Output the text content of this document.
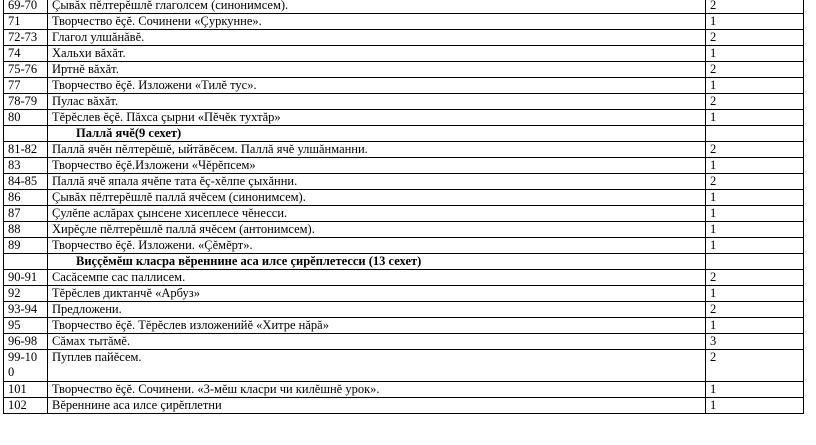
69-70	Çывăх пĕлтерĕшлĕ глаголсем (синонимсем).	2
71	Творчество ĕçĕ. Сочинени «Çуркунне».	1
72-73	Глагол улшăнăвĕ.	2
74	Хальхи вăхăт.	1
75-76	Иртнĕ вăхăт.	2
77	Творчество ĕçĕ. Изложени «Тилĕ тус».	1
78-79	Пулас вăхăт.	2
80	Тĕрĕслев ĕçĕ. Пăхса çырни «Пĕчĕк тухтăр»	1
	Паллă ячĕ(9 сехет)	
81-82	Паллă ячĕн пĕлтерĕшĕ, ыйтăвĕсем. Паллă ячĕ улшăнманни.	2
83	Творчество ĕçĕ.Изложени «Чĕрĕпсем»	1
84-85	Паллă ячĕ япала ячĕпе тата ĕç-хĕлпе çыхăнни.	2
86	Çывăх пĕлтерĕшлĕ паллă ячĕсем (синонимсем).	1
87	Çулĕпе аслăрах çынсене хисеплесе чĕнесси.	1
88	Хирĕçле пĕлтерĕшлĕ паллă ячĕсем (антонимсем).	1
89	Творчество ĕçĕ. Изложени. «Çĕмĕрт».	1
	Виççĕмĕш класра вĕреннине аса илсе çирĕплетесси (13 сехет)	
90-91	Сасăсемпе сас паллисем.	2
92	Тĕрĕслев диктанчĕ «Арбуз»	1
93-94	Предложени.	2
95	Творчество ĕçĕ. Тĕрĕслев изложенийĕ «Хитре нăрă»	1
96-98	Сăмах тытăмĕ.	3
99-100	Пуплев пайĕсем.	2
101	Творчество ĕçĕ. Сочинени. «3-мĕш класри чи килĕшнĕ урок».	1
102	Вĕреннине аса илсе çирĕплетни	1
